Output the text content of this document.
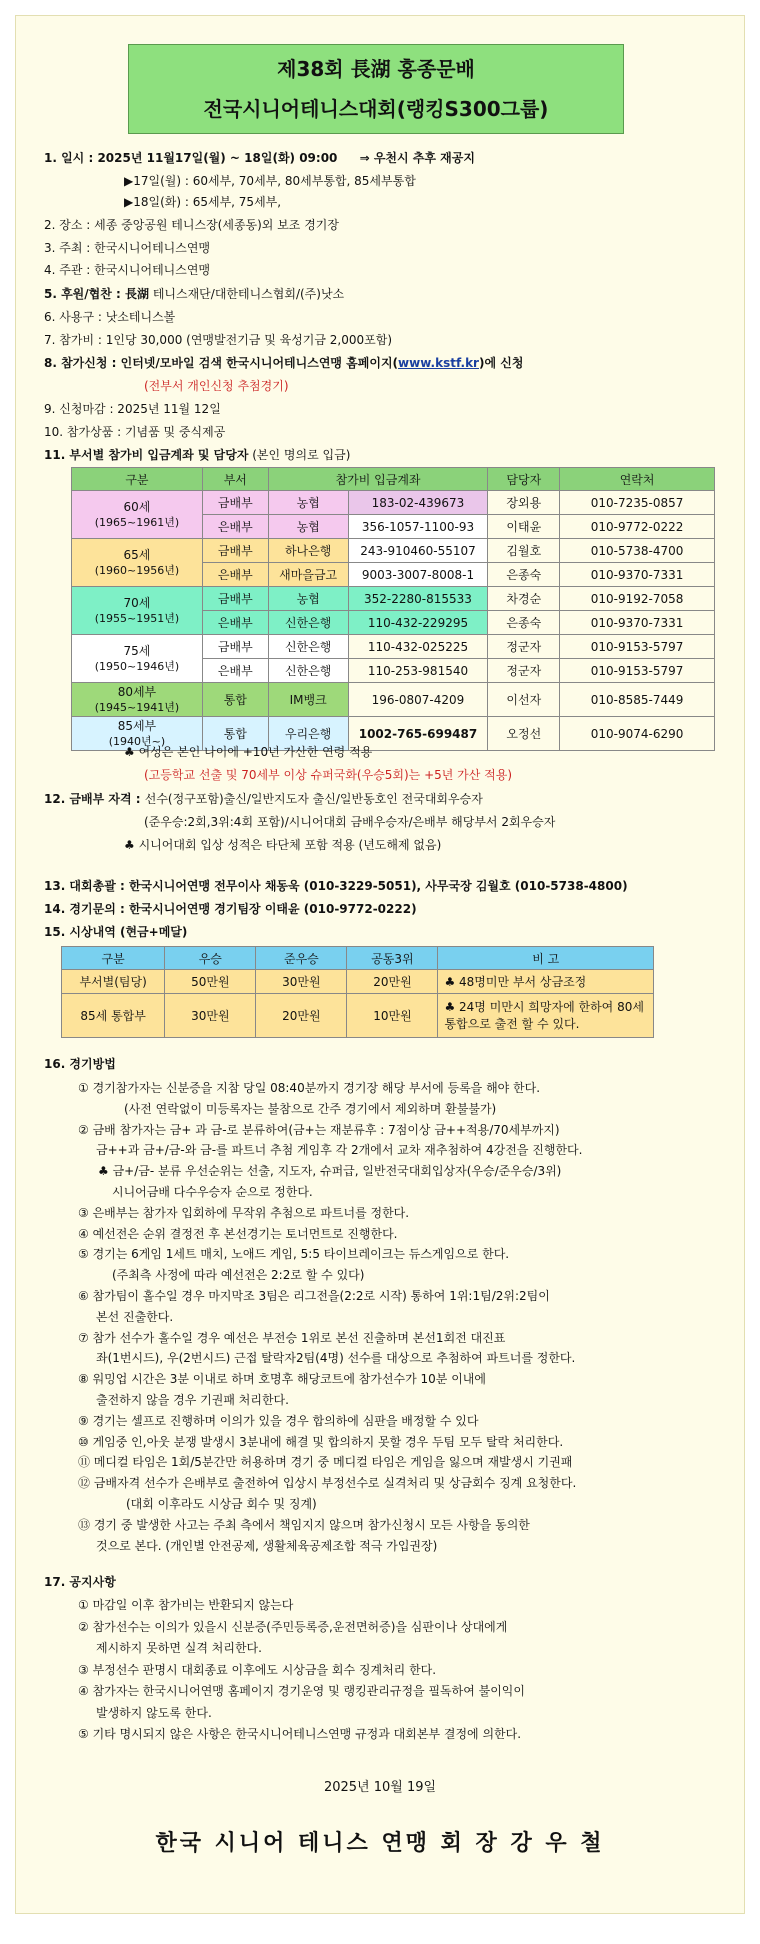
제38회 長湖 홍종문배
전국시니어테니스대회(랭킹S300그룹)
1. 일시 : 2025년 11월17일(월) ~ 18일(화) 09:00 ⇒ 우천시 추후 재공지
▶17일(월) : 60세부, 70세부, 80세부통합, 85세부통합
▶18일(화) : 65세부, 75세부,
2. 장소 : 세종 중앙공원 테니스장(세종동)외 보조 경기장
3. 주최 : 한국시니어테니스연맹
4. 주관 : 한국시니어테니스연맹
5. 후원/협찬 : 長湖 테니스재단/대한테니스협회/(주)낫소
6. 사용구 : 낫소테니스볼
7. 참가비 : 1인당 30,000 (연맹발전기금 및 육성기금 2,000포함)
8. 참가신청 : 인터넷/모바일 검색 한국시니어테니스연맹 홈페이지(www.kstf.kr)에 신청
(전부서 개인신청 추첨경기)
9. 신청마감 : 2025년 11월 12일
10. 참가상품 : 기념품 및 중식제공
11. 부서별 참가비 입금계좌 및 담당자 (본인 명의로 입금)
구분	부서	참가비 입금계좌		담당자	연락처

60세
(1965~1961년)	금배부	농협	183-02-439673	장외용	010-7235-0857
	은배부	농협	356-1057-1100-93	이태윤	010-9772-0222

65세
(1960~1956년)	금배부	하나은행	243-910460-55107	김월호	010-5738-4700
	은배부	새마을금고	9003-3007-8008-1	은종숙	010-9370-7331

70세
(1955~1951년)	금배부	농협	352-2280-815533	차경순	010-9192-7058
	은배부	신한은행	110-432-229295	은종숙	010-9370-7331

75세
(1950~1946년)	금배부	신한은행	110-432-025225	정군자	010-9153-5797
	은배부	신한은행	110-253-981540	정군자	010-9153-5797

80세부
(1945~1941년)	통합	IM뱅크	196-0807-4209	이선자	010-8585-7449

85세부
(1940년~)	통합	우리은행	1002-765-699487	오정선	010-9074-6290
♣ 여성은 본인 나이에 +10년 가산한 연령 적용
(고등학교 선출 및 70세부 이상 슈퍼국화(우승5회)는 +5년 가산 적용)
12. 금배부 자격 : 선수(정구포함)출신/일반지도자 출신/일반동호인 전국대회우승자
(준우승:2회,3위:4회 포함)/시니어대회 금배우승자/은배부 해당부서 2회우승자
♣ 시니어대회 입상 성적은 타단체 포함 적용 (년도해제 없음)
13. 대회총괄 : 한국시니어연맹 전무이사 채동욱 (010-3229-5051), 사무국장 김월호 (010-5738-4800)
14. 경기문의 : 한국시니어연맹 경기팀장 이태윤 (010-9772-0222)
15. 시상내역 (현금+메달)
구분	우승	준우승	공동3위	비 고
부서별(팀당)	50만원	30만원	20만원	♣ 48명미만 부서 상금조정
85세 통합부	30만원	20만원	10만원	♣ 24명 미만시 희망자에 한하여 80세 통합으로 출전 할 수 있다.
16. 경기방법
① 경기참가자는 신분증을 지참 당일 08:40분까지 경기장 해당 부서에 등록을 해야 한다.
(사전 연락없이 미등록자는 불참으로 간주 경기에서 제외하며 환불불가)
② 금배 참가자는 금+ 과 금-로 분류하여(금+는 재분류후 : 7점이상 금++적용/70세부까지)
금++과 금+/금-와 금-를 파트너 추첨 게임후 각 2개에서 교차 재추첨하여 4강전을 진행한다.
♣ 금+/금- 분류 우선순위는 선출, 지도자, 슈퍼급, 일반전국대회입상자(우승/준우승/3위)
시니어금배 다수우승자 순으로 정한다.
③ 은배부는 참가자 입회하에 무작위 추첨으로 파트너를 정한다.
④ 예선전은 순위 결정전 후 본선경기는 토너먼트로 진행한다.
⑤ 경기는 6게임 1세트 매치, 노애드 게임, 5:5 타이브레이크는 듀스게임으로 한다.
(주최측 사정에 따라 예선전은 2:2로 할 수 있다)
⑥ 참가팀이 홀수일 경우 마지막조 3팀은 리그전을(2:2로 시작) 통하여 1위:1팀/2위:2팀이
본선 진출한다.
⑦ 참가 선수가 홀수일 경우 예선은 부전승 1위로 본선 진출하며 본선1회전 대진표
좌(1번시드), 우(2번시드) 근접 탈락자2팀(4명) 선수를 대상으로 추첨하여 파트너를 정한다.
⑧ 워밍업 시간은 3분 이내로 하며 호명후 해당코트에 참가선수가 10분 이내에
출전하지 않을 경우 기권패 처리한다.
⑨ 경기는 셀프로 진행하며 이의가 있을 경우 합의하에 심판을 배정할 수 있다
⑩ 게임중 인,아웃 분쟁 발생시 3분내에 해결 및 합의하지 못할 경우 두팀 모두 탈락 처리한다.
⑪ 메디컬 타임은 1회/5분간만 허용하며 경기 중 메디컬 타임은 게임을 잃으며 재발생시 기권패
⑫ 금배자격 선수가 은배부로 출전하여 입상시 부정선수로 실격처리 및 상금회수 징계 요청한다.
(대회 이후라도 시상금 회수 및 징계)
⑬ 경기 중 발생한 사고는 주최 측에서 책임지지 않으며 참가신청시 모든 사항을 동의한
것으로 본다. (개인별 안전공제, 생활체육공제조합 적극 가입권장)
17. 공지사항
① 마감일 이후 참가비는 반환되지 않는다
② 참가선수는 이의가 있을시 신분증(주민등록증,운전면허증)을 심판이나 상대에게
제시하지 못하면 실격 처리한다.
③ 부정선수 판명시 대회종료 이후에도 시상금을 회수 징계처리 한다.
④ 참가자는 한국시니어연맹 홈페이지 경기운영 및 랭킹관리규정을 필독하여 불이익이
발생하지 않도록 한다.
⑤ 기타 명시되지 않은 사항은 한국시니어테니스연맹 규정과 대회본부 결정에 의한다.
2025년 10월 19일
한국 시니어 테니스 연맹 회 장 강 우 철
